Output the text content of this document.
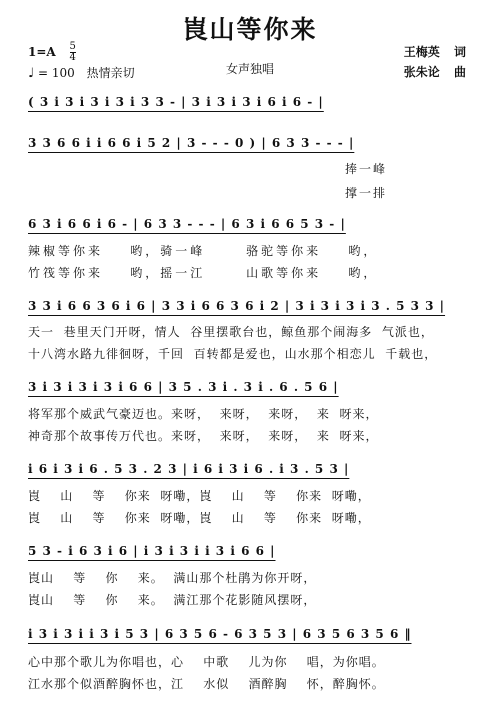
崀山等你来
$1=A \frac{5}{4}$
♩ = 100 热情亲切	女声独唱
王梅英 词
张朱论 曲
( 3 i 3 i 3 i 3 i 3 3 - | 3 i 3 i 3 i 6 i 6 - |
3 3 6 6 i i 6 6 i 5 2 | 3 - - - 0 ) | 6 3 3 - - - |
捧一峰
撑一排
6 3 i 6 6 i 6 - | 6 3 3 - - - | 6 3 i 6 6 5 3 - |
辣椒等你来    哟，骑一峰      骆驼等你来    哟，
竹筏等你来    哟，摇一江      山歌等你来    哟，
3 3 i 6 6 3 6 i 6 | 3 3 i 6 6 3 6 i 2 | 3 i 3 i 3 i 3 . 5 3 3 |
天一  巷里天门开呀，情人  谷里摆歌台也，鲸鱼那个闹海多  气派也，
十八湾水路九徘徊呀，千回  百转都是爱也，山水那个相恋儿  千载也，
3 i 3 i 3 i 3 i 6 6 | 3 5 . 3 i . 3 i . 6 . 5 6 |
将军那个威武气豪迈也。来呀，  来呀，  来呀，  来  呀来，
神奇那个故事传万代也。来呀，  来呀，  来呀，  来  呀来，
i 6 i 3 i 6 . 5 3 . 2 3 | i 6 i 3 i 6 . i 3 . 5 3 |
崀    山    等    你来  呀嘞，崀    山    等    你来  呀嘞，
崀    山    等    你来  呀嘞，崀    山    等    你来  呀嘞，
5 3 - i 6 3 i 6 | i 3 i 3 i i 3 i 6 6 |
崀山    等    你    来。  满山那个杜鹃为你开呀，
崀山    等    你    来。  满江那个花影随风摆呀，
i 3 i 3 i i 3 i 5 3 | 6 3 5 6 - 6 3 5 3 | 6 3 5 6 3 5 6 ‖
心中那个歌儿为你唱也，心    中歌    儿为你    唱，为你唱。
江水那个似酒醉胸怀也，江    水似    酒醉胸    怀，醉胸怀。
